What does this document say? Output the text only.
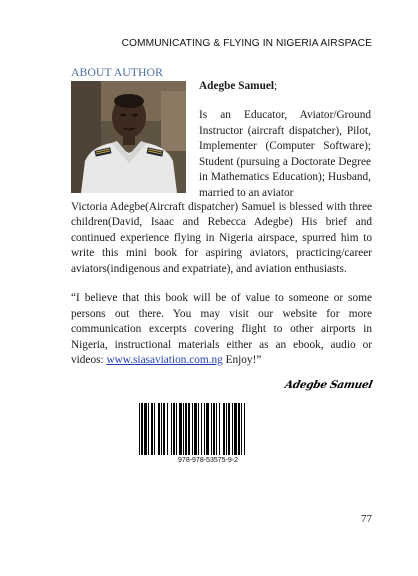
COMMUNICATING & FLYING IN NIGERIA AIRSPACE
ABOUT AUTHOR
Adegbe Samuel;

Is an Educator, Aviator/Ground Instructor (aircraft dispatcher), Pilot, Implementer (Computer Software); Student (pursuing a Doctorate Degree in Mathematics Education); Husband, married to an aviator

Victoria Adegbe(Aircraft dispatcher) Samuel is blessed with three children(David, Isaac and Rebecca Adegbe) His brief and continued experience flying in Nigeria airspace, spurred him to write this mini book for aspiring aviators, practicing/career aviators(indigenous and expatriate), and aviation enthusiasts.

“I believe that this book will be of value to someone or some persons out there. You may visit our website for more communication excerpts covering flight to other airports in Nigeria, instructional materials either as an ebook, audio or videos: www.siasaviation.com.ng Enjoy!”

Adegbe Samuel
978-978-53575-9-2
77
